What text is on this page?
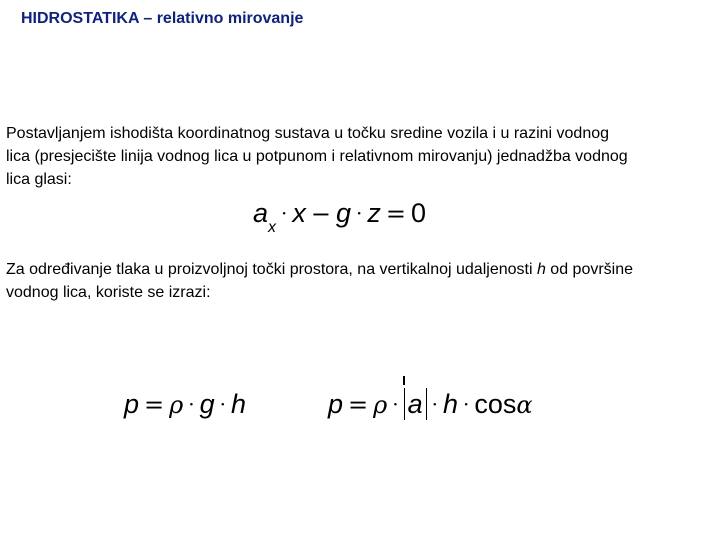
HIDROSTATIKA – relativno mirovanje
Postavljanjem ishodišta koordinatnog sustava u točku sredine vozila i u razini vodnog
lica (presjecište linija vodnog lica u potpunom i relativnom mirovanju) jednadžba vodnog
lica glasi:
$a_x\cdot x - g \cdot z = 0$
Za određivanje tlaka u proizvoljnoj točki prostora, na vertikalnoj udaljenosti h od površine
vodnog lica, koriste se izrazi:
p = ρ · g · h	p = ρ · a · h · cosα
